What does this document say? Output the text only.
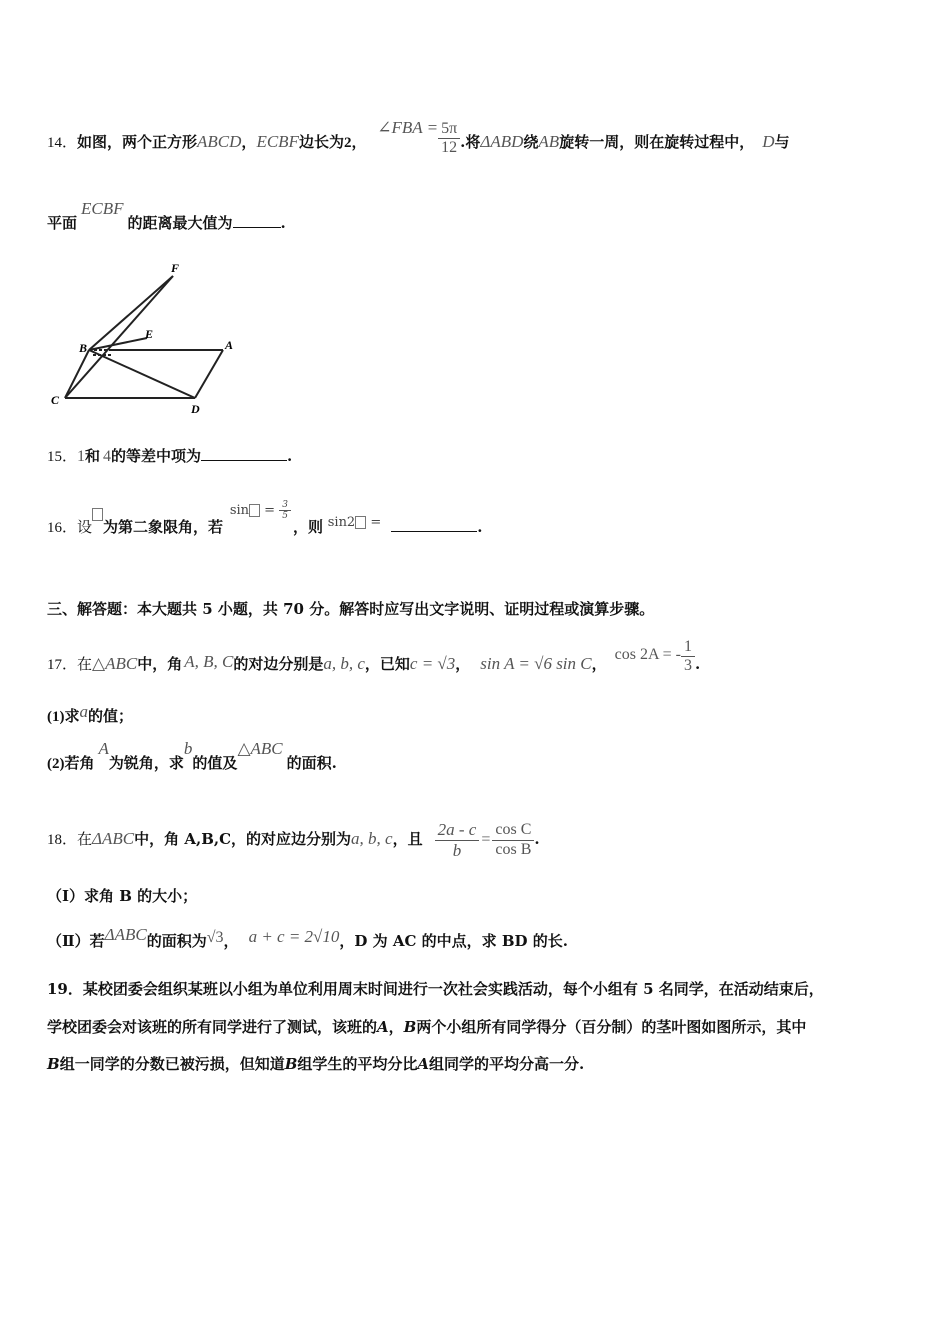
14．如图，两个正方形ABCD，ECBF边长为2， ∠FBA = $\frac{5\pi}{12}$ .将ΔABD绕AB旋转一周，则在旋转过程中， D与
平面ECBF的距离最大值为	.
F
E
B	A
C
D
15．1和 4的等差中项为	.
16．设 为第二象限角，若 $\sin = \frac{3}{5}$
，则 sin2 =	.
三、解答题：本大题共 5 小题，共 70 分。解答时应写出文字说明、证明过程或演算步骤。
17．在△ABC中，角 A, B, C的对边分别是a, b, c，已知c = √3， sin A = √6 sin C，cos 2A = - $\frac{1}{3}$ .
(1)求a的值；
(2)若角A为锐角，求b的值及△ABC的面积.
18．在ΔABC中，角 A,B,C，的对应边分别为a, b, c，且 $\frac{2a - c}{b} = \frac{\text{cos C}}{\text{cos B}}$ .
（Ⅰ）求角 B 的大小；
（Ⅱ）若ΔABC的面积为√3， a + c = 2√10，D 为 AC 的中点，求 BD 的长.
19．某校团委会组织某班以小组为单位利用周末时间进行一次社会实践活动，每个小组有 5 名同学，在活动结束后，
学校团委会对该班的所有同学进行了测试，该班的A，B两个小组所有同学得分（百分制）的茎叶图如图所示，其中
B组一同学的分数已被污损，但知道B组学生的平均分比A组同学的平均分高一分.
